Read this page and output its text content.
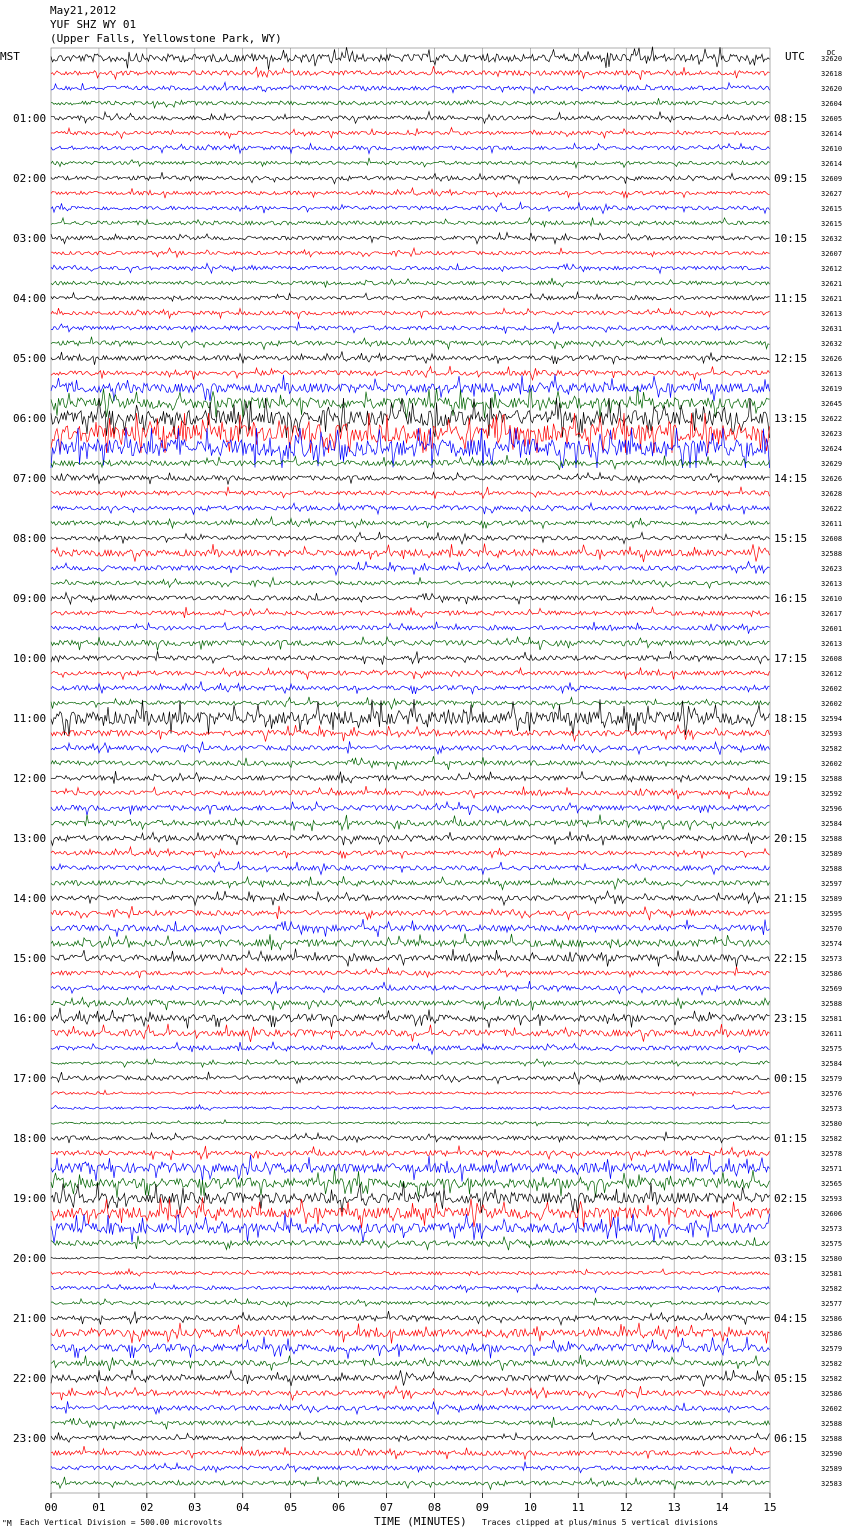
May21,2012
YUF SHZ WY 01
(Upper Falls, Yellowstone Park, WY)
MST	UTC	DC
01:00
02:00
03:00
04:00
05:00
06:00
07:00
08:00
09:00
10:00
11:00
12:00
13:00
14:00
15:00
16:00
17:00
18:00
19:00
20:00
21:00
22:00
23:00
08:15
09:15
10:15
11:15
12:15
13:15
14:15
15:15
16:15
17:15
18:15
19:15
20:15
21:15
22:15
23:15
00:15
01:15
02:15
03:15
04:15
05:15
06:15
32620
32618
32620
32604
32605
32614
32610
32614
32609
32627
32615
32615
32632
32607
32612
32621
32621
32613
32631
32632
32626
32613
32619
32645
32622
32623
32624
32629
32626
32628
32622
32611
32608
32588
32623
32613
32610
32617
32601
32613
32608
32612
32602
32602
32594
32593
32582
32602
32588
32592
32596
32584
32588
32589
32588
32597
32589
32595
32570
32574
32573
32586
32569
32588
32581
32611
32575
32584
32579
32576
32573
32580
32582
32578
32571
32565
32593
32606
32573
32575
32580
32581
32582
32577
32586
32586
32579
32582
32582
32586
32602
32588
32588
32590
32589
32583
00	01	02	03	04	05	06	07	08	09	10	11	12	13	14	15
"M Each Vertical Division = 500.00 microvolts	TIME (MINUTES) Traces clipped at plus/minus 5 vertical divisions
